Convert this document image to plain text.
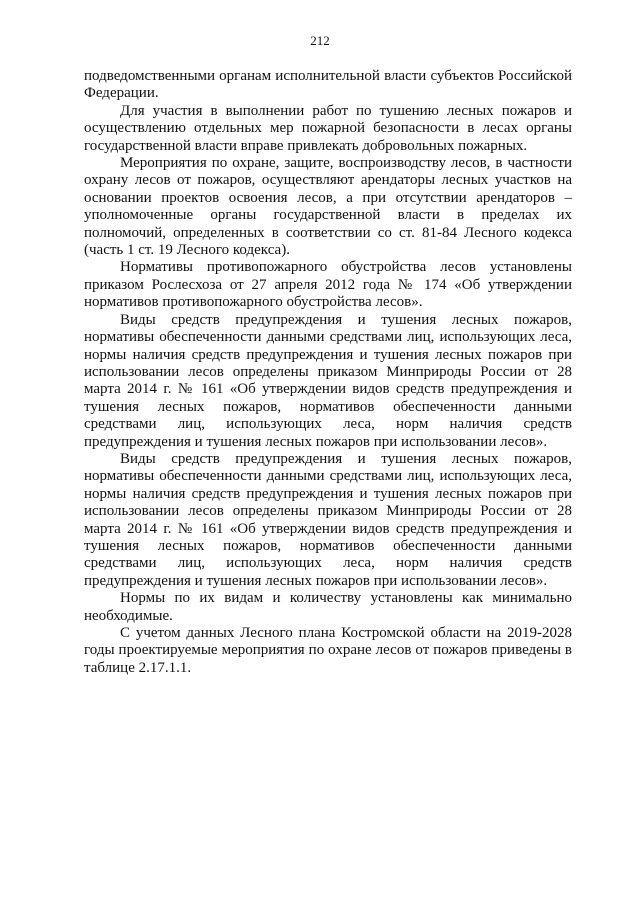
212

подведомственными органам исполнительной власти субъектов Российской Федерации.

Для участия в выполнении работ по тушению лесных пожаров и осуществлению отдельных мер пожарной безопасности в лесах органы государственной власти вправе привлекать добровольных пожарных.

Мероприятия по охране, защите, воспроизводству лесов, в частности охрану лесов от пожаров, осуществляют арендаторы лесных участков на основании проектов освоения лесов, а при отсутствии арендаторов – уполномоченные органы государственной власти в пределах их полномочий, определенных в соответствии со ст. 81-84 Лесного кодекса (часть 1 ст. 19 Лесного кодекса).

Нормативы противопожарного обустройства лесов установлены приказом Рослесхоза от 27 апреля 2012 года № 174 «Об утверждении нормативов противопожарного обустройства лесов».

Виды средств предупреждения и тушения лесных пожаров, нормативы обеспеченности данными средствами лиц, использующих леса, нормы наличия средств предупреждения и тушения лесных пожаров при использовании лесов определены приказом Минприроды России от 28 марта 2014 г. № 161 «Об утверждении видов средств предупреждения и тушения лесных пожаров, нормативов обеспеченности данными средствами лиц, использующих леса, норм наличия средств предупреждения и тушения лесных пожаров при использовании лесов».

Виды средств предупреждения и тушения лесных пожаров, нормативы обеспеченности данными средствами лиц, использующих леса, нормы наличия средств предупреждения и тушения лесных пожаров при использовании лесов определены приказом Минприроды России от 28 марта 2014 г. № 161 «Об утверждении видов средств предупреждения и тушения лесных пожаров, нормативов обеспеченности данными средствами лиц, использующих леса, норм наличия средств предупреждения и тушения лесных пожаров при использовании лесов».

Нормы по их видам и количеству установлены как минимально необходимые.

С учетом данных Лесного плана Костромской области на 2019-2028 годы проектируемые мероприятия по охране лесов от пожаров приведены в таблице 2.17.1.1.
